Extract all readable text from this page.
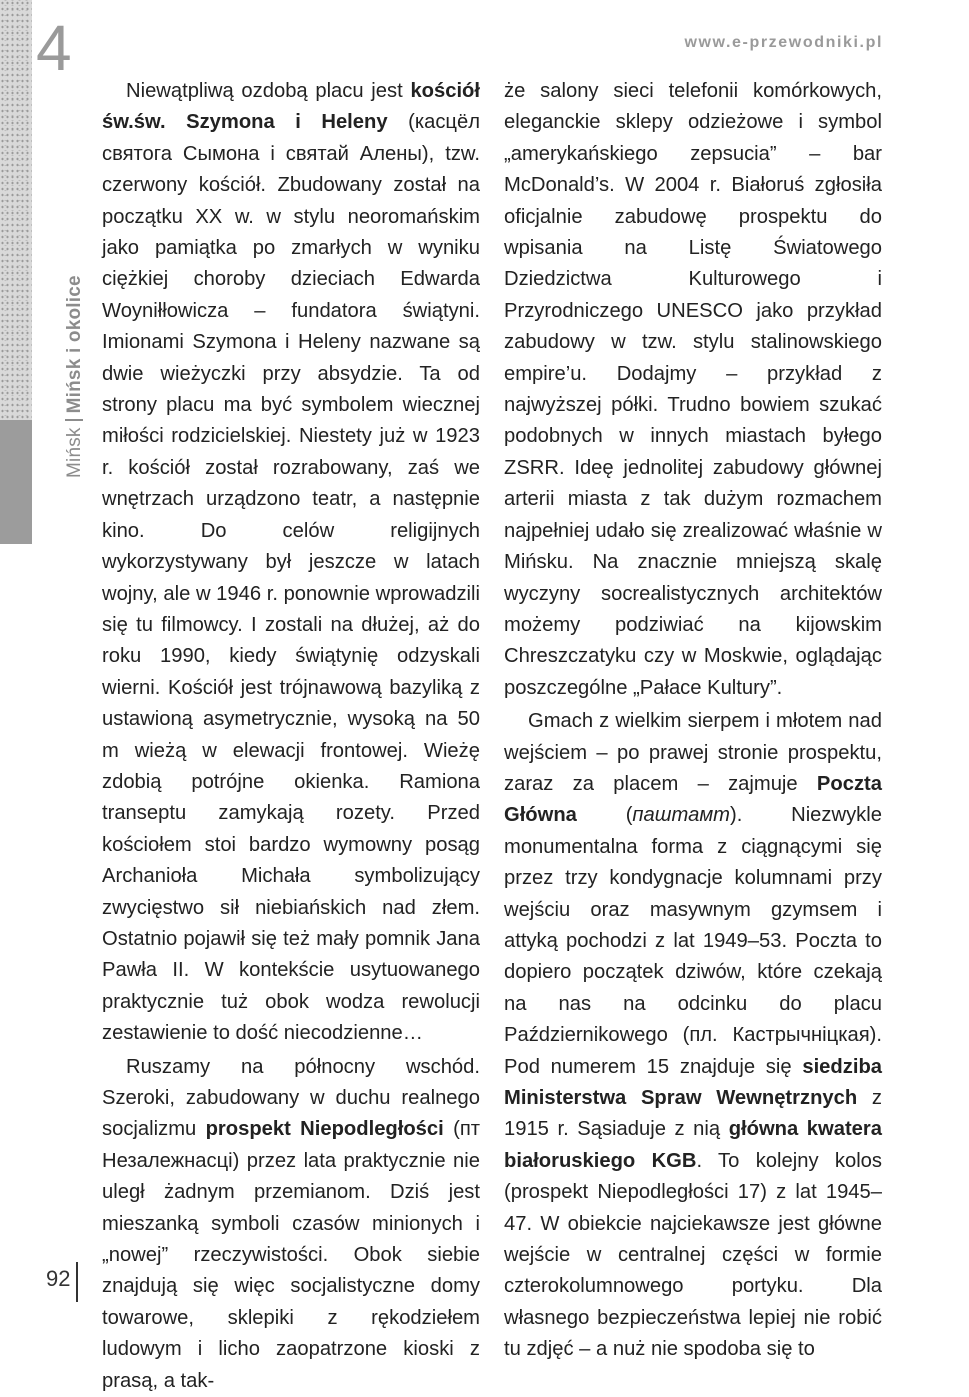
4
MińskMińsk i okolice
www.e-przewodniki.pl

Niewątpliwą ozdobą placu jest kościół św.św. Szymona i Heleny (касцёл святога Сымона і святай Алены), tzw. czerwony kościół. Zbudowany został na początku XX w. w stylu neoromańskim jako pamiątka po zmarłych w wyniku ciężkiej choroby dzieciach Edwarda Woyniłłowicza – fundatora świątyni. Imionami Szymona i Heleny nazwane są dwie wieżyczki przy absydzie. Ta od strony placu ma być symbolem wiecznej miłości rodzicielskiej. Niestety już w 1923 r. kościół został rozrabowany, zaś we wnętrzach urządzono teatr, a następnie kino. Do celów religijnych wykorzystywany był jeszcze w latach wojny, ale w 1946 r. ponownie wprowadzili się tu filmowcy. I zostali na dłużej, aż do roku 1990, kiedy świątynię odzyskali wierni. Kościół jest trójnawową bazyliką z ustawioną asymetrycznie, wysoką na 50 m wieżą w elewacji frontowej. Wieżę zdobią potrójne okienka. Ramiona transeptu zamykają rozety. Przed kościołem stoi bardzo wymowny posąg Archanioła Michała symbolizujący zwycięstwo sił niebiańskich nad złem. Ostatnio pojawił się też mały pomnik Jana Pawła II. W kontekście usytuowanego praktycznie tuż obok wodza rewolucji zestawienie to dość niecodzienne…

Ruszamy na północny wschód. Szeroki, zabudowany w duchu realnego socjalizmu prospekt Niepodległości (пт Незалежнасці) przez lata praktycznie nie uległ żadnym przemianom. Dziś jest mieszanką symboli czasów minionych i „nowej” rzeczywistości. Obok siebie znajdują się więc socjalistyczne domy towarowe, sklepiki z rękodziełem ludowym i licho zaopatrzone kioski z prasą, a tak-

że salony sieci telefonii komórkowych, eleganckie sklepy odzieżowe i symbol „amerykańskiego zepsucia” – bar McDonald’s. W 2004 r. Białoruś zgłosiła oficjalnie zabudowę prospektu do wpisania na Listę Światowego Dziedzictwa Kulturowego i Przyrodniczego UNESCO jako przykład zabudowy w tzw. stylu stalinowskiego empire’u. Dodajmy – przykład z najwyższej półki. Trudno bowiem szukać podobnych w innych miastach byłego ZSRR. Ideę jednolitej zabudowy głównej arterii miasta z tak dużym rozmachem najpełniej udało się zrealizować właśnie w Mińsku. Na znacznie mniejszą skalę wyczyny socrealistycznych architektów możemy podziwiać na kijowskim Chreszczatyku czy w Moskwie, oglądając poszczególne „Pałace Kultury”.

Gmach z wielkim sierpem i młotem nad wejściem – po prawej stronie prospektu, zaraz za placem – zajmuje Poczta Główna (паштамт). Niezwykle monumentalna forma z ciągnącymi się przez trzy kondygnacje kolumnami przy wejściu oraz masywnym gzymsem i attyką pochodzi z lat 1949–53. Poczta to dopiero początek dziwów, które czekają na nas na odcinku do placu Październikowego (пл. Кастрычніцкая). Pod numerem 15 znajduje się siedziba Ministerstwa Spraw Wewnętrznych z 1915 r. Sąsiaduje z nią główna kwatera białoruskiego KGB. To kolejny kolos (prospekt Niepodległości 17) z lat 1945–47. W obiekcie najciekawsze jest główne wejście w centralnej części w formie czterokolumnowego portyku. Dla własnego bezpieczeństwa lepiej nie robić tu zdjęć – a nuż nie spodoba się to

92
